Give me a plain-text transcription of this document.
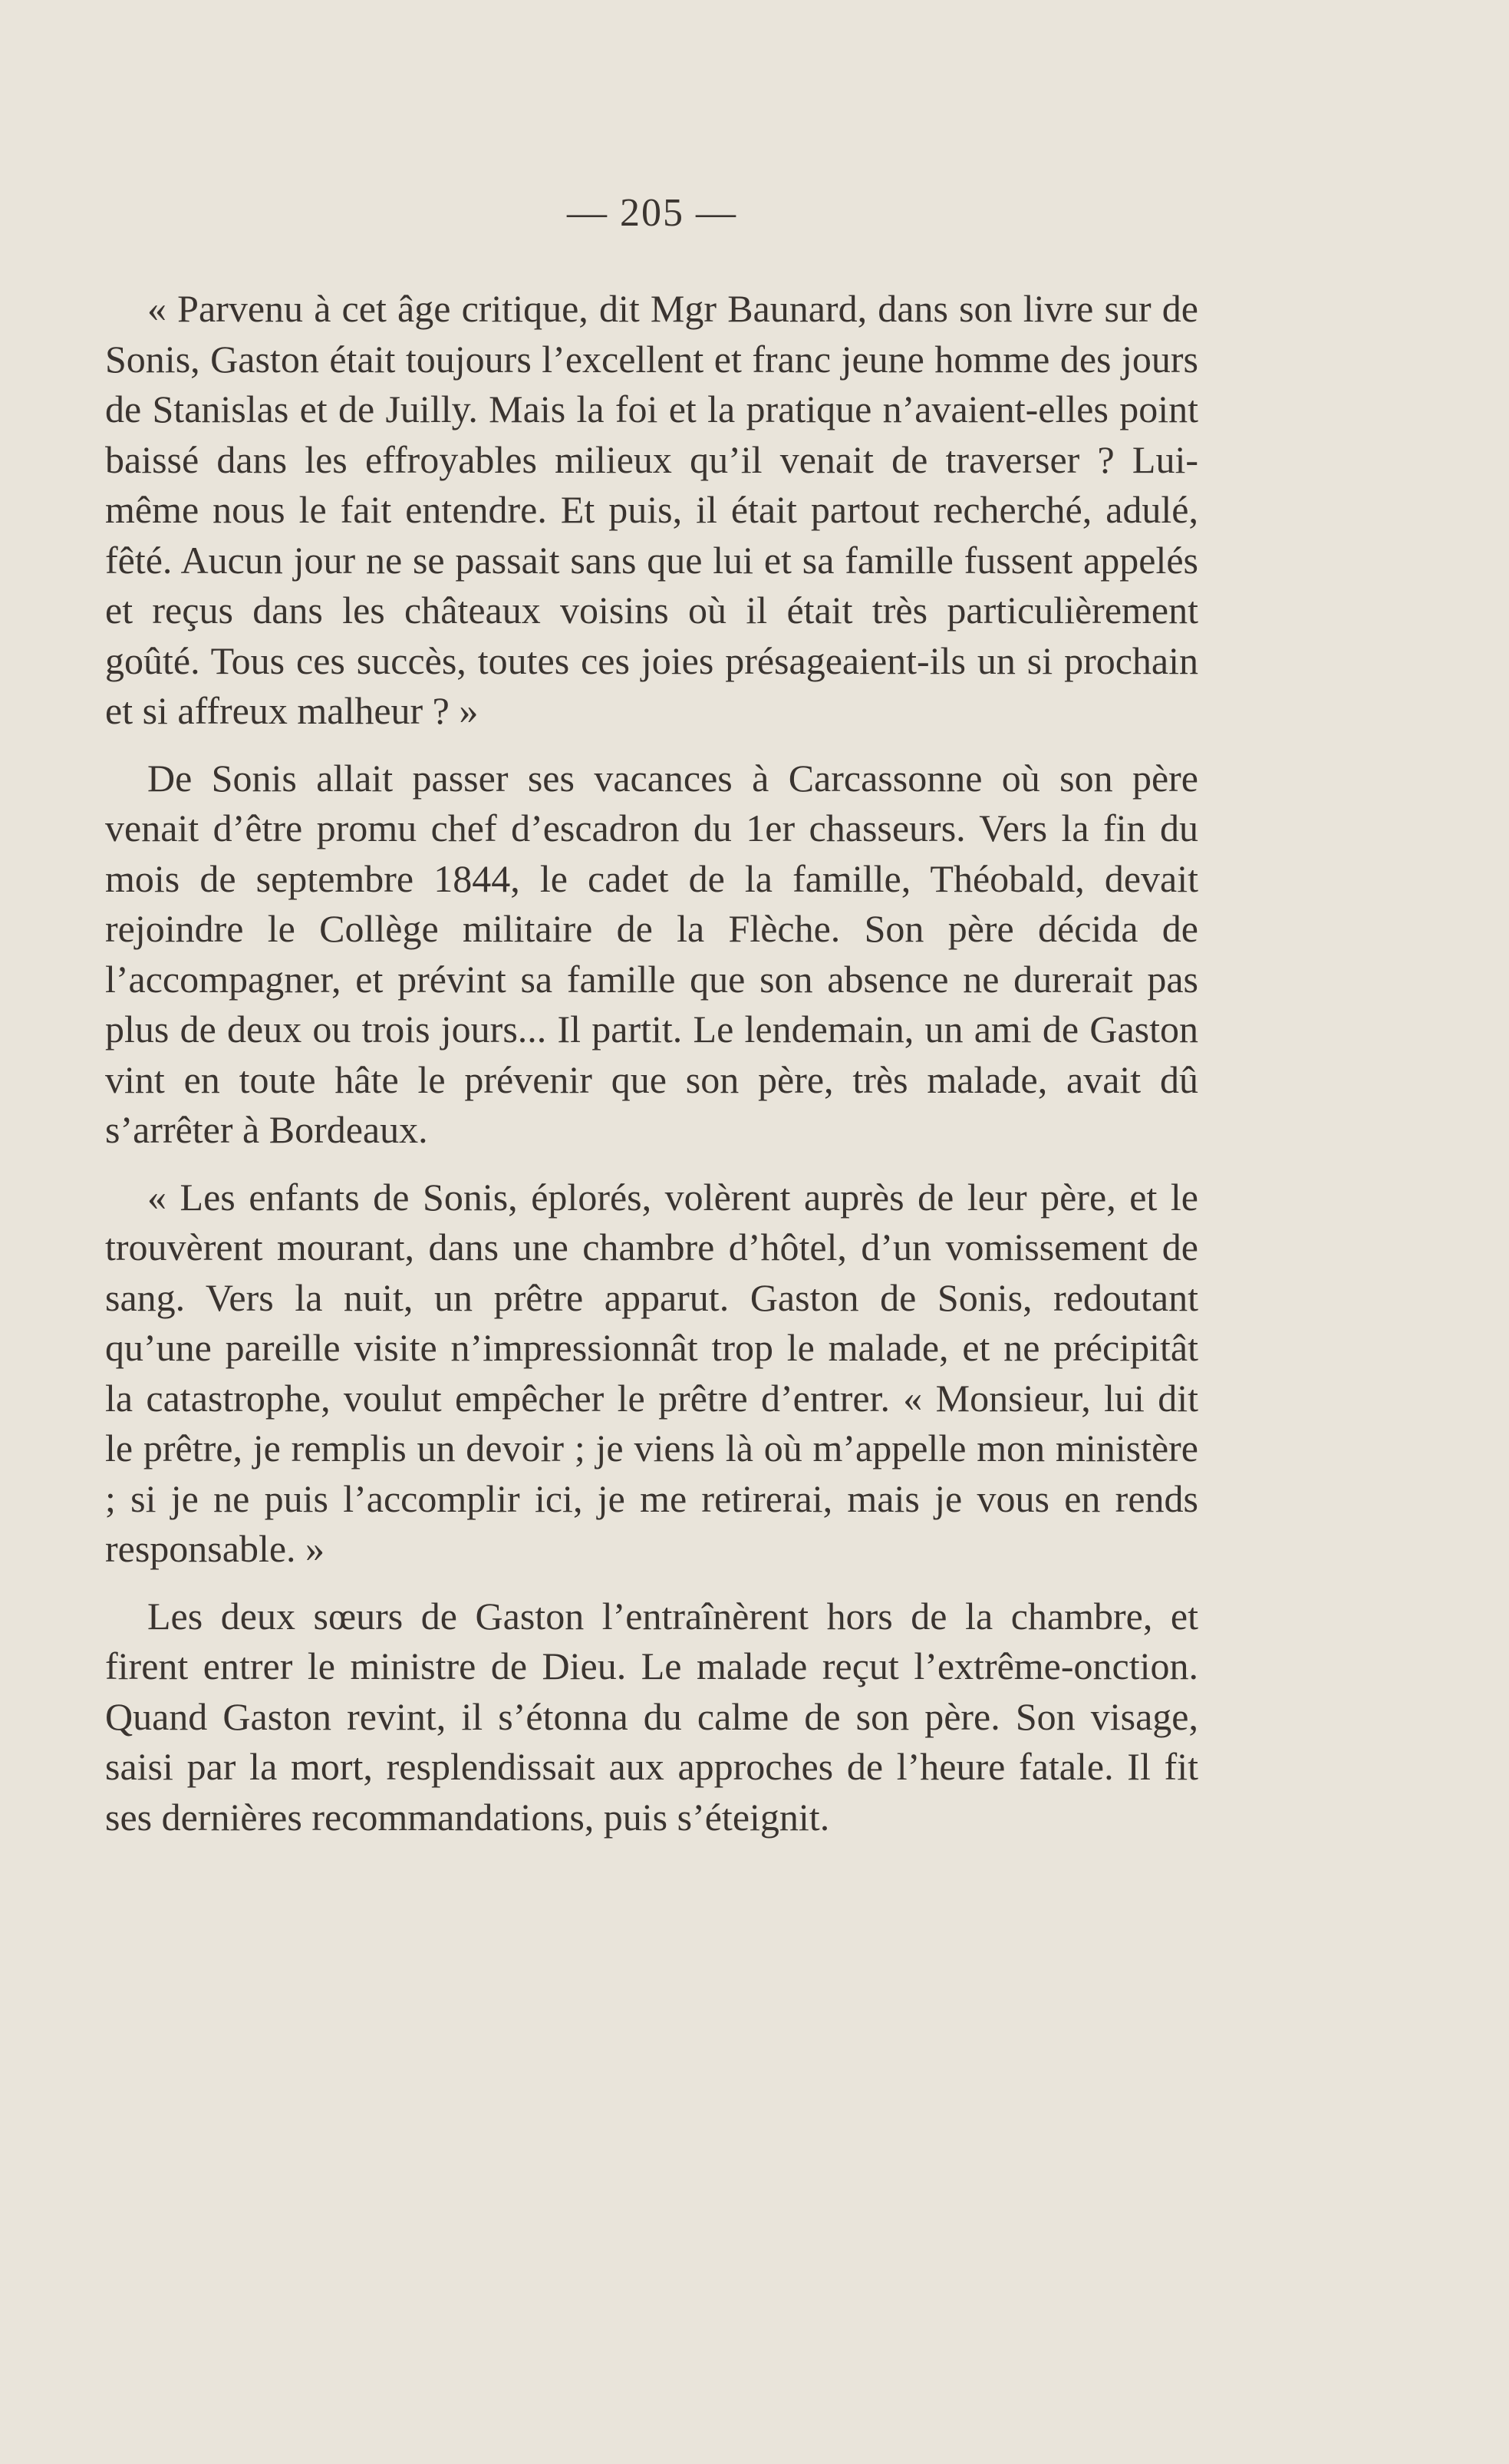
— 205 —

« Parvenu à cet âge critique, dit Mgr Baunard, dans son livre sur de Sonis, Gaston était toujours l’excellent et franc jeune homme des jours de Stanislas et de Juilly. Mais la foi et la pratique n’avaient-elles point baissé dans les effroyables milieux qu’il venait de traverser ? Lui-même nous le fait entendre. Et puis, il était partout recherché, adulé, fêté. Aucun jour ne se passait sans que lui et sa famille fussent appelés et reçus dans les châteaux voisins où il était très particulièrement goûté. Tous ces succès, toutes ces joies présageaient-ils un si prochain et si affreux malheur ? »

De Sonis allait passer ses vacances à Carcassonne où son père venait d’être promu chef d’escadron du 1er chasseurs. Vers la fin du mois de septembre 1844, le cadet de la famille, Théobald, devait rejoindre le Collège militaire de la Flèche. Son père décida de l’accompagner, et prévint sa famille que son absence ne durerait pas plus de deux ou trois jours... Il partit. Le lendemain, un ami de Gaston vint en toute hâte le prévenir que son père, très malade, avait dû s’arrêter à Bordeaux.

« Les enfants de Sonis, éplorés, volèrent auprès de leur père, et le trouvèrent mourant, dans une chambre d’hôtel, d’un vomissement de sang. Vers la nuit, un prêtre apparut. Gaston de Sonis, redoutant qu’une pareille visite n’impressionnât trop le malade, et ne précipitât la catastrophe, voulut empêcher le prêtre d’entrer. « Monsieur, lui dit le prêtre, je remplis un devoir ; je viens là où m’appelle mon ministère ; si je ne puis l’accomplir ici, je me retirerai, mais je vous en rends responsable. »

Les deux sœurs de Gaston l’entraînèrent hors de la chambre, et firent entrer le ministre de Dieu. Le malade reçut l’extrême-onction. Quand Gaston revint, il s’étonna du calme de son père. Son visage, saisi par la mort, resplendissait aux approches de l’heure fatale. Il fit ses dernières recommandations, puis s’éteignit.
